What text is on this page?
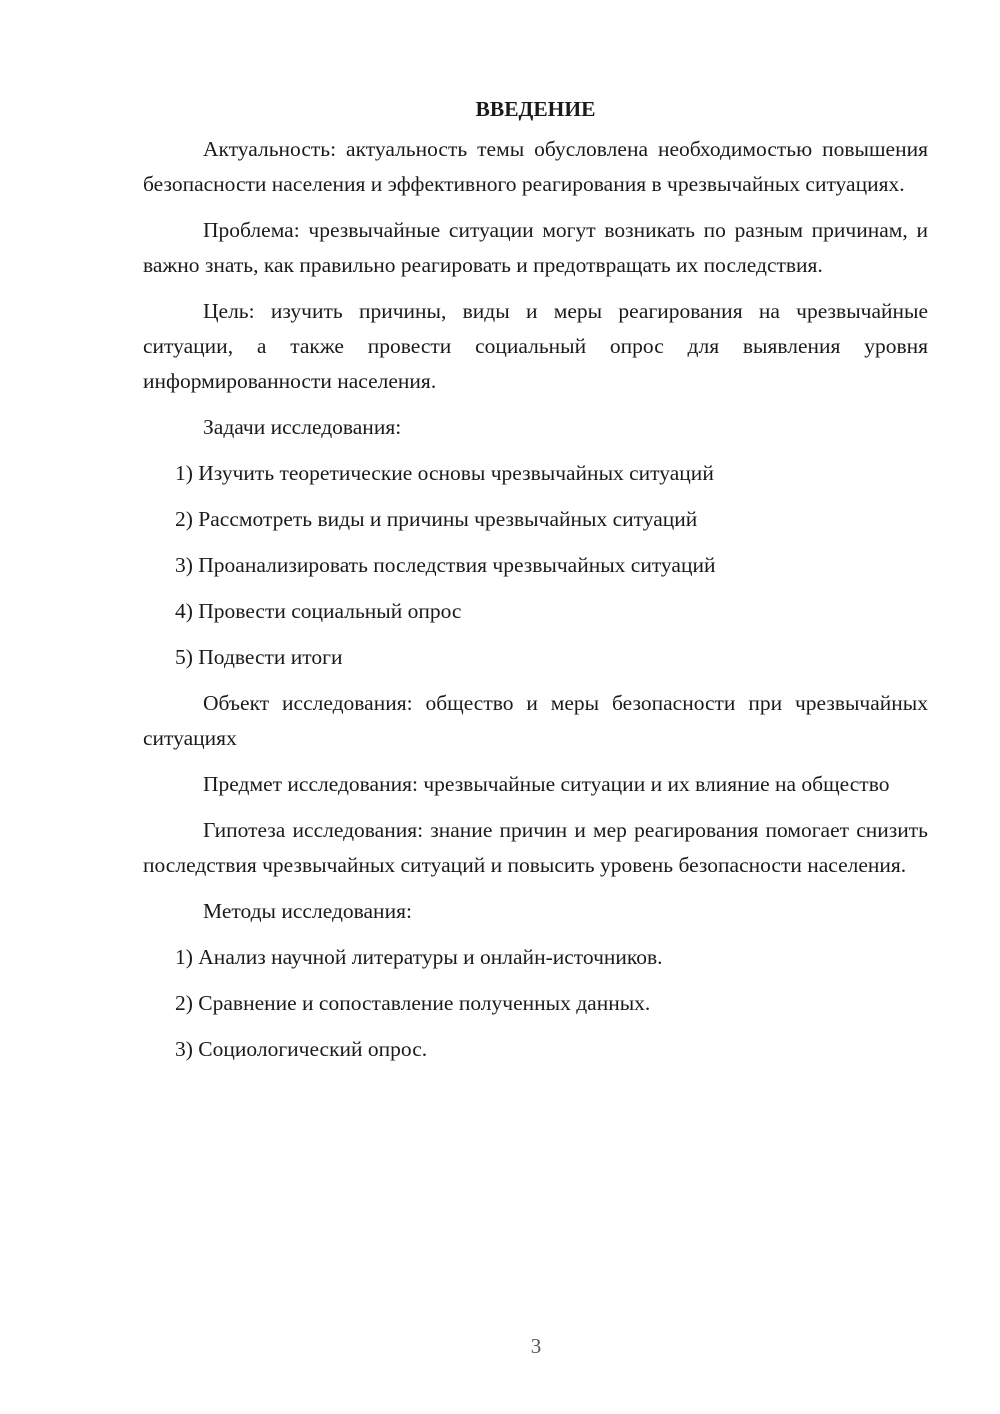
ВВЕДЕНИЕ
Актуальность: актуальность темы обусловлена необходимостью повышения безопасности населения и эффективного реагирования в чрезвычайных ситуациях.
Проблема: чрезвычайные ситуации могут возникать по разным причинам, и важно знать, как правильно реагировать и предотвращать их последствия.
Цель: изучить причины, виды и меры реагирования на чрезвычайные ситуации, а также провести социальный опрос для выявления уровня информированности населения.
Задачи исследования:
1) Изучить теоретические основы чрезвычайных ситуаций
2) Рассмотреть виды и причины чрезвычайных ситуаций
3) Проанализировать последствия чрезвычайных ситуаций
4) Провести социальный опрос
5) Подвести итоги
Объект исследования: общество и меры безопасности при чрезвычайных ситуациях
Предмет исследования: чрезвычайные ситуации и их влияние на общество
Гипотеза исследования: знание причин и мер реагирования помогает снизить последствия чрезвычайных ситуаций и повысить уровень безопасности населения.
Методы исследования:
1) Анализ научной литературы и онлайн-источников.
2) Сравнение и сопоставление полученных данных.
3) Социологический опрос.
3
